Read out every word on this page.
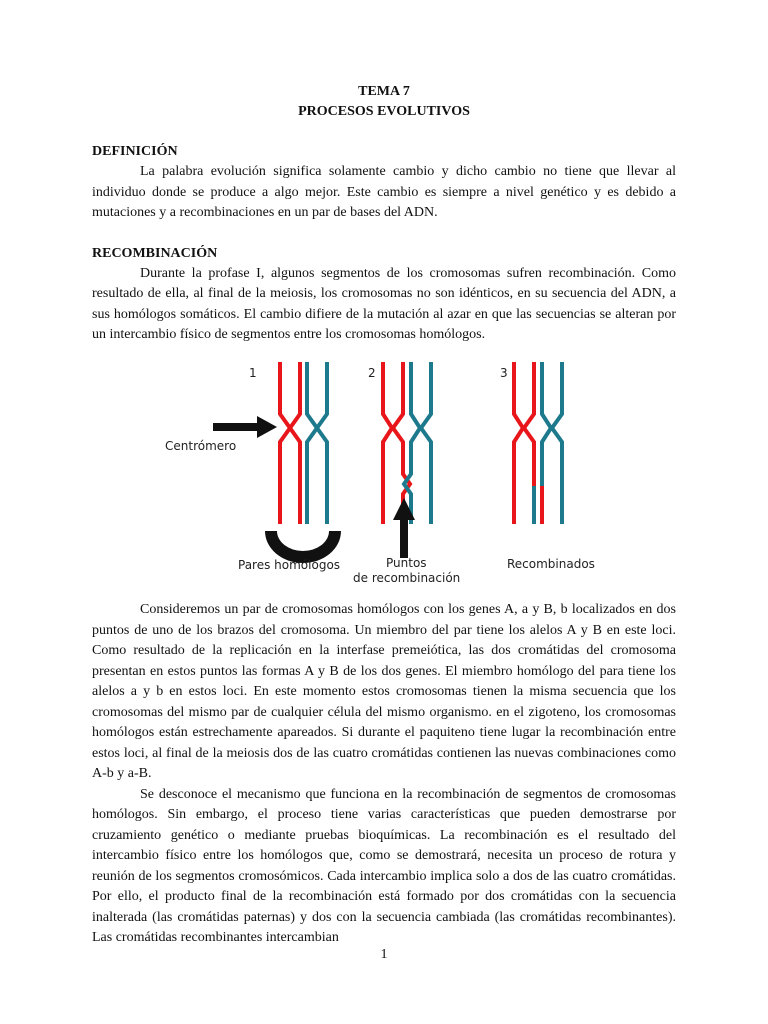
TEMA 7

PROCESOS EVOLUTIVOS

DEFINICIÓN

La palabra evolución significa solamente cambio y dicho cambio no tiene que llevar al individuo donde se produce a algo mejor. Este cambio es siempre a nivel genético y es debido a mutaciones y a recombinaciones en un par de bases del ADN.

RECOMBINACIÓN

Durante la profase I, algunos segmentos de los cromosomas sufren recombinación. Como resultado de ella, al final de la meiosis, los cromosomas no son idénticos, en su secuencia del ADN, a sus homólogos somáticos. El cambio difiere de la mutación al azar en que las secuencias se alteran por un intercambio físico de segmentos entre los cromosomas homólogos.

1	2	3
Centrómero
Pares homólogos	Puntos
de recombinación
Recombinados

Consideremos un par de cromosomas homólogos con los genes A, a y B, b localizados en dos puntos de uno de los brazos del cromosoma. Un miembro del par tiene los alelos A y B en este loci. Como resultado de la replicación en la interfase premeiótica, las dos cromátidas del cromosoma presentan en estos puntos las formas A y B de los dos genes. El miembro homólogo del para tiene los alelos a y b en estos loci. En este momento estos cromosomas tienen la misma secuencia que los cromosomas del mismo par de cualquier célula del mismo organismo. en el zigoteno, los cromosomas homólogos están estrechamente apareados. Si durante el paquiteno tiene lugar la recombinación entre estos loci, al final de la meiosis dos de las cuatro cromátidas contienen las nuevas combinaciones como A-b y a-B.

Se desconoce el mecanismo que funciona en la recombinación de segmentos de cromosomas homólogos. Sin embargo, el proceso tiene varias características que pueden demostrarse por cruzamiento genético o mediante pruebas bioquímicas. La recombinación es el resultado del intercambio físico entre los homólogos que, como se demostrará, necesita un proceso de rotura y reunión de los segmentos cromosómicos. Cada intercambio implica solo a dos de las cuatro cromátidas. Por ello, el producto final de la recombinación está formado por dos cromátidas con la secuencia inalterada (las cromátidas paternas) y dos con la secuencia cambiada (las cromátidas recombinantes). Las cromátidas recombinantes intercambian

1
